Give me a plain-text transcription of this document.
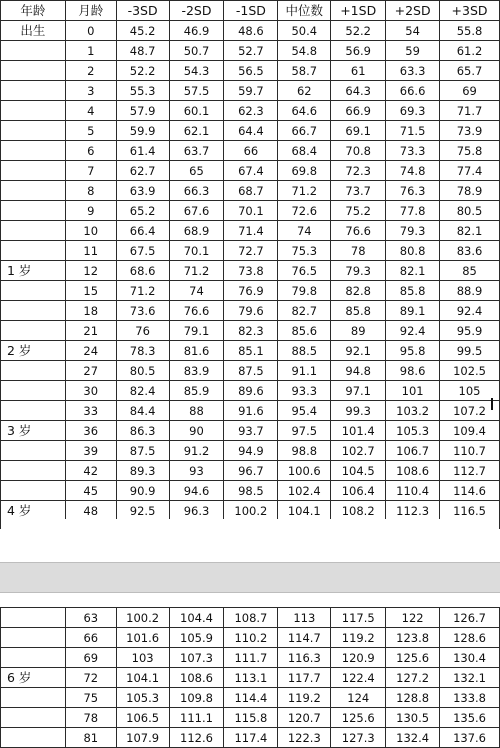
年龄	月龄	-3SD	-2SD	-1SD	中位数	+1SD	+2SD	+3SD
出生	0	45.2	46.9	48.6	50.4	52.2	54	55.8
	1	48.7	50.7	52.7	54.8	56.9	59	61.2
	2	52.2	54.3	56.5	58.7	61	63.3	65.7
	3	55.3	57.5	59.7	62	64.3	66.6	69
	4	57.9	60.1	62.3	64.6	66.9	69.3	71.7
	5	59.9	62.1	64.4	66.7	69.1	71.5	73.9
	6	61.4	63.7	66	68.4	70.8	73.3	75.8
	7	62.7	65	67.4	69.8	72.3	74.8	77.4
	8	63.9	66.3	68.7	71.2	73.7	76.3	78.9
	9	65.2	67.6	70.1	72.6	75.2	77.8	80.5
	10	66.4	68.9	71.4	74	76.6	79.3	82.1
	11	67.5	70.1	72.7	75.3	78	80.8	83.6
1 岁	12	68.6	71.2	73.8	76.5	79.3	82.1	85
	15	71.2	74	76.9	79.8	82.8	85.8	88.9
	18	73.6	76.6	79.6	82.7	85.8	89.1	92.4
	21	76	79.1	82.3	85.6	89	92.4	95.9
2 岁	24	78.3	81.6	85.1	88.5	92.1	95.8	99.5
	27	80.5	83.9	87.5	91.1	94.8	98.6	102.5
	30	82.4	85.9	89.6	93.3	97.1	101	105
	33	84.4	88	91.6	95.4	99.3	103.2	107.2
3 岁	36	86.3	90	93.7	97.5	101.4	105.3	109.4
	39	87.5	91.2	94.9	98.8	102.7	106.7	110.7
	42	89.3	93	96.7	100.6	104.5	108.6	112.7
	45	90.9	94.6	98.5	102.4	106.4	110.4	114.6
4 岁	48	92.5	96.3	100.2	104.1	108.2	112.3	116.5

	63	100.2	104.4	108.7	113	117.5	122	126.7
	66	101.6	105.9	110.2	114.7	119.2	123.8	128.6
	69	103	107.3	111.7	116.3	120.9	125.6	130.4
6 岁	72	104.1	108.6	113.1	117.7	122.4	127.2	132.1
	75	105.3	109.8	114.4	119.2	124	128.8	133.8
	78	106.5	111.1	115.8	120.7	125.6	130.5	135.6
	81	107.9	112.6	117.4	122.3	127.3	132.4	137.6
